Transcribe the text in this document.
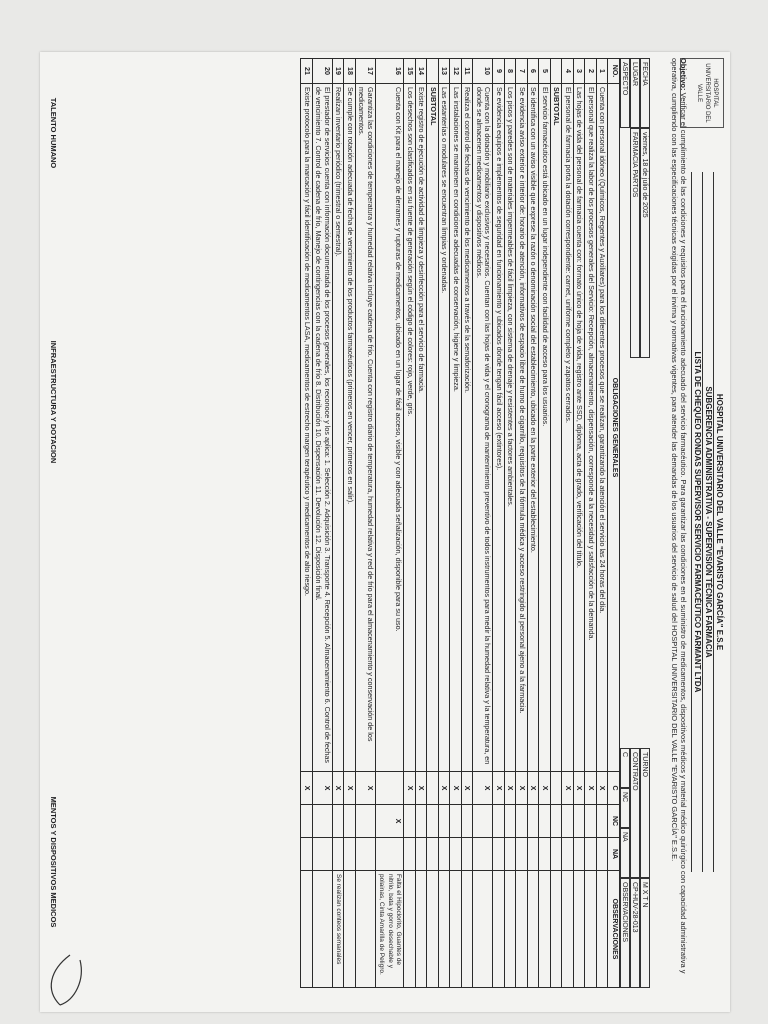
HOSPITAL UNIVERSITARIO DEL VALLE
HOSPITAL UNIVERSITARIO DEL VALLE "EVARISTO GARCÍA" E.S.E
SUBGERENCIA ADMINISTRATIVA - SUPERVISIÓN TÉCNICA FARMACIA
LISTA DE CHEQUEO RONDAS SUPERVISOR SERVICIO FARMACÉUTICO FARMANT LTDA
Objetivo: Verificar el cumplimiento de las condiciones y requisitos para el funcionamiento adecuado del servicio farmacéutico. Para garantizar las condiciones en el suministro de medicamentos, dispositivos médicos y material médico quirúrgico con capacidad administrativa y operativa, cumpliendo con las especificaciones técnicas exigidas por el invima y normativas vigentes, para atender las demandas de los usuarios del servicio de salud del HOSPITAL UNIVERSITARIO DEL VALLE "EVARISTO GARCÍA" E.S.E.
FECHA
viernes, 18 de julio de 2025
LUGAR
FARMACIA PARTOS
ASPECTO
TURNO
M X T N
CONTRATO
CP-HUV-28-013
C
NC
NA
OBSERVACIONES
NO.	OBLIGACIONES GENERALES	C	NC	NA	OBSERVACIONES
1	Cuenta con personal idóneo (Químicos, Regentes y Auxiliares) para los diferentes procesos que se realizan, garantizando la atención el servicio las 24 horas del día.	X			
2	El personal que realiza la labor de los procesos generales del Servicio: Recepción, almacenamiento, dispensación, corresponde a la necesidad y satisfacción de la demanda.	X			
3	Las hojas de vida del personal de farmacia cuenta con: formato único de hoja de vida, registro ante SSD, diploma, acta de grado, verificación del título.	X			
4	El personal de farmacia porta la dotación correspondiente: carnet, uniforme completo y zapatos cerrados.	X			
	SUBTOTAL				
5	El servicio farmacéutico está ubicado en un lugar independiente con facilidad de acceso para los usuarios.	X			
6	Se identifica con un aviso visible que exprese la razón o denominación social del establecimiento, ubicado en la parte exterior del establecimiento.	X			
7	Se evidencia aviso exterior e interior de: horario de atención, informativos de espacio libre de humo de cigarrillo, requisitos de la fórmula médica y acceso restringido al personal ajeno a la farmacia.	X			
8	Los pisos y paredes son de materiales impermeables de fácil limpieza, con sistema de drenaje y resistentes a factores ambientales.	X			
9	Se evidencia equipos e implementos de seguridad en funcionamiento y ubicados donde tengan fácil acceso (extintores).	X			
10	Cuenta con la dotación y mobiliario exclusivos y necesarios. Cuentan con las hojas de vida y el cronograma de mantenimiento preventivo de todos instrumentos para medir la humedad relativa y la temperatura, en donde se almacenen medicamentos y dispositivos médicos.	X			
11	Realiza el control de fechas de vencimiento de los medicamentos a través de la semaforización.	X			
12	Las instalaciones se mantienen en condiciones adecuadas de conservación, higiene y limpieza.	X			
13	Las estanterías o modulares se encuentran limpias y ordenadas.	X			
	SUBTOTAL				
14	Existe registro de ejecución de actividad de limpieza y desinfección para el servicio de farmacia.	X			
15	Los desechos son clasificados en su fuente de generación según el código de colores: rojo, verde, gris.	X			
16	Cuenta con Kit para el manejo de derrames y rupturas de medicamentos, ubicado en un lugar de fácil acceso, visible y con adecuada señalización, disponible para su uso.		X		Falta el Hipoclorito, Guantes de nitrilo, bata y gorro desechable y polainas, Cinta Amarilla de Peligro.
17	Garantiza las condiciones de temperatura y humedad relativa incluye cadena de frío. Cuenta con registro diario de temperatura, humedad relativa y red de frío para el almacenamiento y conservación de los medicamentos.	X			
18	Se cumple con rotación adecuada de fecha de vencimiento de los productos farmacéuticos (primeros en vencer, primeros en salir).	X			
19	Realizan inventario periódico (trimestral o semestral).	X			Se realizan conteos semanales
20	El prestador de servicios cuenta con información documentada de los procesos generales, los reconoce y los aplica: 1. Selección 2. Adquisición 3. Transporte 4. Recepción 5. Almacenamiento 6. Control de fechas de vencimiento 7. Control de cadena de frío, Manejo de contingencias con la cadena de frío 8. Distribución 10. Dispensación 11. Devolución 12. Disposición final.	X			
21	Existe protocolo para la marcación y fácil identificación de medicamentos LASA, medicamentos de estrecho margen terapéutico y medicamentos de alto riesgo.	X			
TALENTO HUMANO
INFRAESTRUCTURA Y DOTACION
MENTOS Y DISPOSITIVOS MEDICOS
